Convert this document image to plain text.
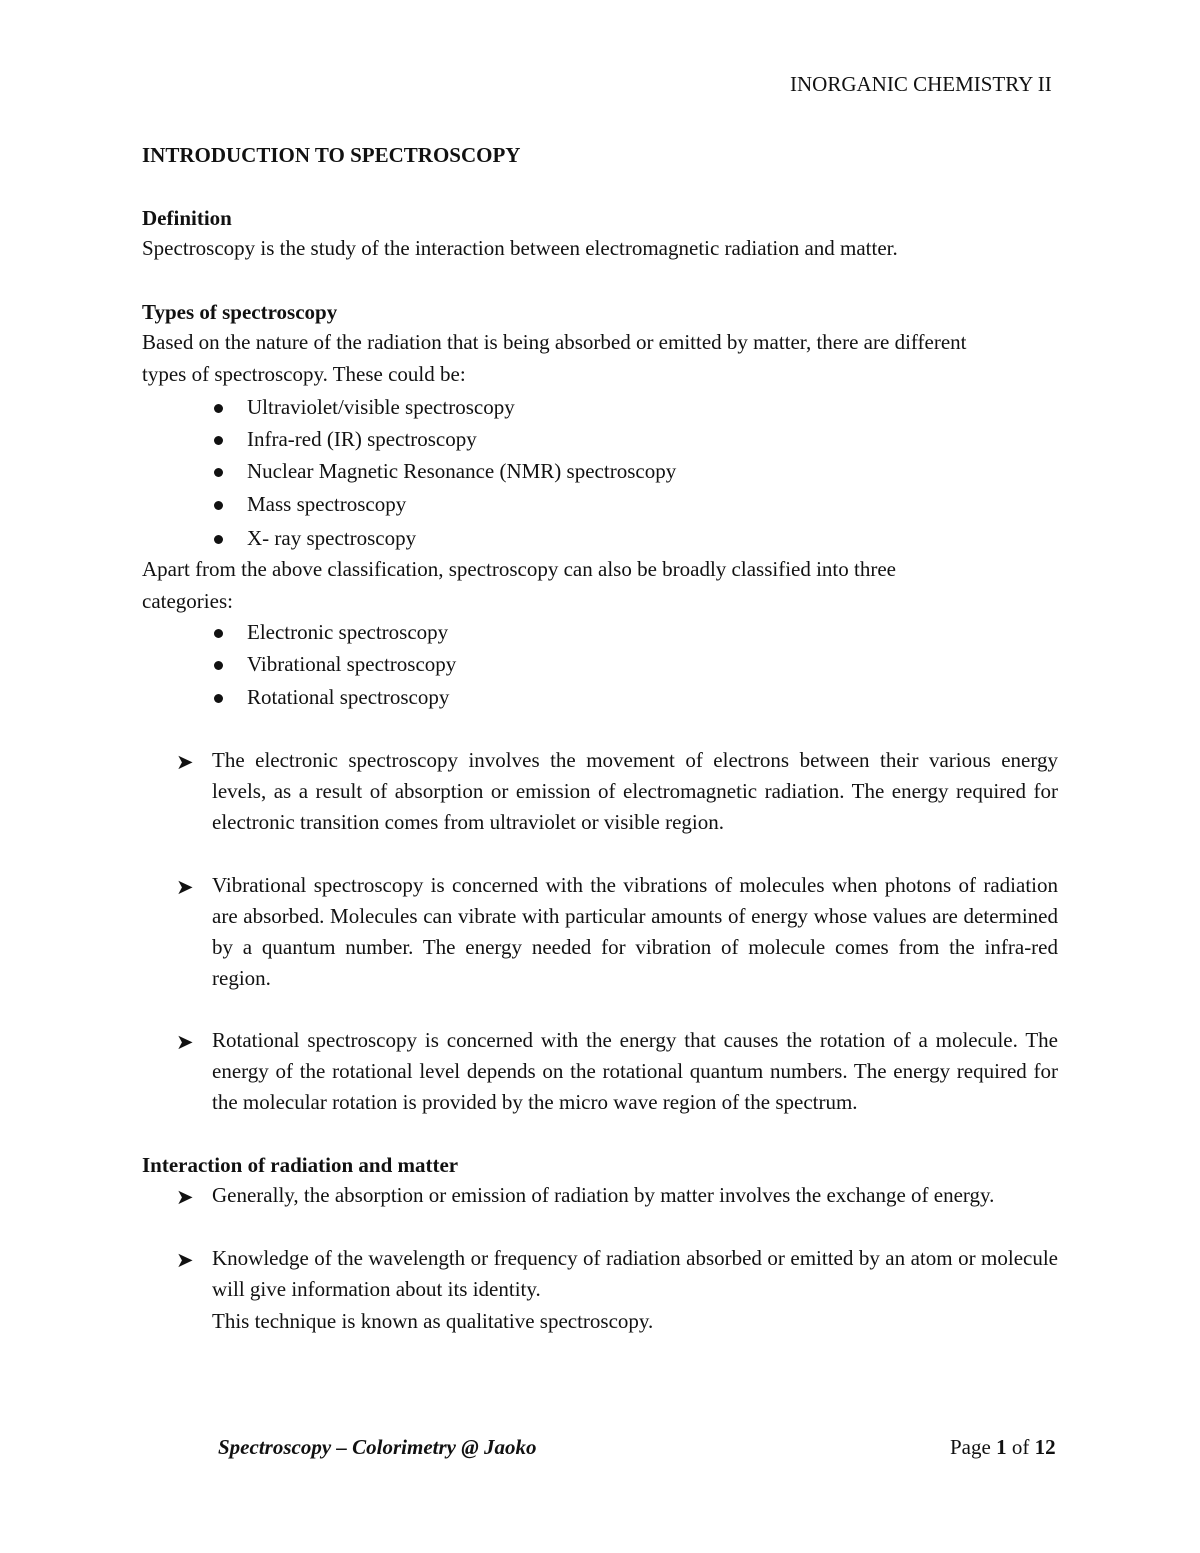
INORGANIC CHEMISTRY II
INTRODUCTION TO SPECTROSCOPY
Definition
Spectroscopy is the study of the interaction between electromagnetic radiation and matter.
Types of spectroscopy
Based on the nature of the radiation that is being absorbed or emitted by matter, there are different
types of spectroscopy. These could be:
Ultraviolet/visible spectroscopy
Infra-red (IR) spectroscopy
Nuclear Magnetic Resonance (NMR) spectroscopy
Mass spectroscopy
X- ray spectroscopy
Apart from the above classification, spectroscopy can also be broadly classified into three
categories:
Electronic spectroscopy
Vibrational spectroscopy
Rotational spectroscopy
➤ The electronic spectroscopy involves the movement of electrons between their various energy levels, as a result of absorption or emission of electromagnetic radiation. The energy required for electronic transition comes from ultraviolet or visible region.
➤ Vibrational spectroscopy is concerned with the vibrations of molecules when photons of radiation are absorbed. Molecules can vibrate with particular amounts of energy whose values are determined by a quantum number. The energy needed for vibration of molecule comes from the infra-red region.
➤ Rotational spectroscopy is concerned with the energy that causes the rotation of a molecule. The energy of the rotational level depends on the rotational quantum numbers. The energy required for the molecular rotation is provided by the micro wave region of the spectrum.
Interaction of radiation and matter
➤ Generally, the absorption or emission of radiation by matter involves the exchange of energy.
➤ Knowledge of the wavelength or frequency of radiation absorbed or emitted by an atom or molecule will give information about its identity.
This technique is known as qualitative spectroscopy.
Spectroscopy – Colorimetry @ Jaoko	Page 1 of 12
